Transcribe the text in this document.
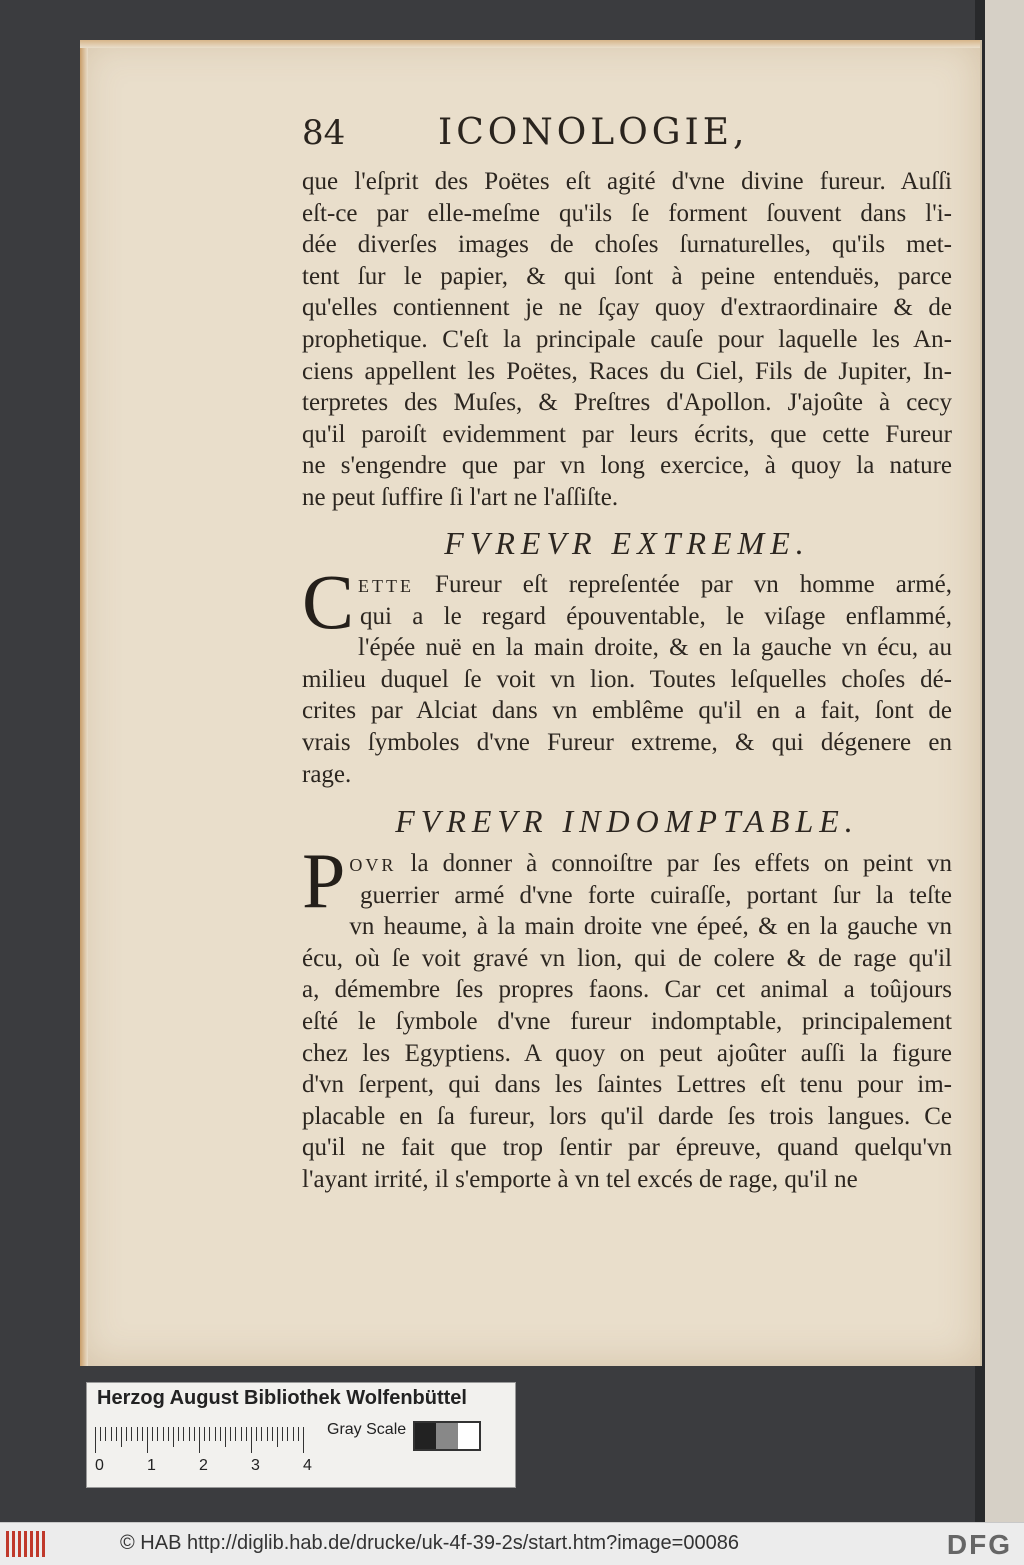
84	ICONOLOGIE,
que l'eſprit des Poëtes eſt agité d'vne divine fureur. Auſſi
eſt-ce par elle-meſme qu'ils ſe forment ſouvent dans l'i-
dée diverſes images de choſes ſurnaturelles, qu'ils met-
tent ſur le papier, & qui ſont à peine entenduës, parce
qu'elles contiennent je ne ſçay quoy d'extraordinaire & de
prophetique. C'eſt la principale cauſe pour laquelle les An-
ciens appellent les Poëtes, Races du Ciel, Fils de Jupiter, In-
terpretes des Muſes, & Preſtres d'Apollon. J'ajoûte à cecy
qu'il paroiſt evidemment par leurs écrits, que cette Fureur
ne s'engendre que par vn long exercice, à quoy la nature
ne peut ſuffire ſi l'art ne l'aſſiſte.
FVREVR EXTREME.
C ETTE Fureur eſt repreſentée par vn homme armé,
qui a le regard épouventable, le viſage enflammé,
l'épée nuë en la main droite, & en la gauche vn écu, au
milieu duquel ſe voit vn lion. Toutes leſquelles choſes dé-
crites par Alciat dans vn emblême qu'il en a fait, ſont de
vrais ſymboles d'vne Fureur extreme, & qui dégenere en
rage.
FVREVR INDOMPTABLE.
P OVR la donner à connoiſtre par ſes effets on peint vn
guerrier armé d'vne forte cuiraſſe, portant ſur la teſte
vn heaume, à la main droite vne épeé, & en la gauche vn
écu, où ſe voit gravé vn lion, qui de colere & de rage qu'il
a, démembre ſes propres faons. Car cet animal a toûjours
eſté le ſymbole d'vne fureur indomptable, principalement
chez les Egyptiens. A quoy on peut ajoûter auſſi la figure
d'vn ſerpent, qui dans les ſaintes Lettres eſt tenu pour im-
placable en ſa fureur, lors qu'il darde ſes trois langues. Ce
qu'il ne fait que trop ſentir par épreuve, quand quelqu'vn
l'ayant irrité, il s'emporte à vn tel excés de rage, qu'il ne
Herzog August Bibliothek Wolfenbüttel
0	1	2	3	4
Gray Scale
© HAB http://diglib.hab.de/drucke/uk-4f-39-2s/start.htm?image=00086	DFG
